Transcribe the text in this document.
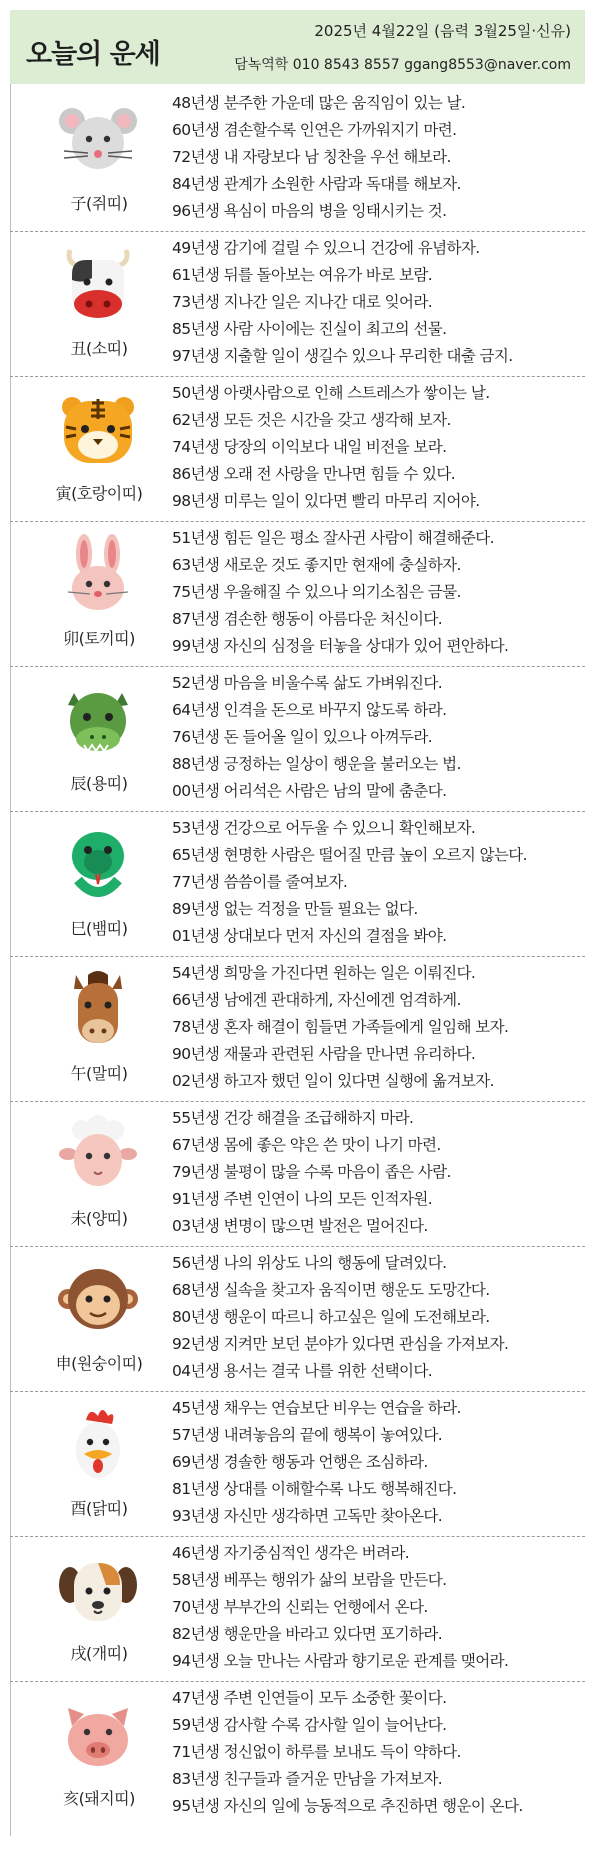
오늘의 운세
2025년 4월22일 (음력 3월25일·신유)
담녹역학 010 8543 8557 ggang8553@naver.com
子(쥐띠)
48년생 분주한 가운데 많은 움직임이 있는 날.
60년생 겸손할수록 인연은 가까워지기 마련.
72년생 내 자랑보다 남 칭찬을 우선 해보라.
84년생 관계가 소원한 사람과 독대를 해보자.
96년생 욕심이 마음의 병을 잉태시키는 것.
丑(소띠)
49년생 감기에 걸릴 수 있으니 건강에 유념하자.
61년생 뒤를 돌아보는 여유가 바로 보람.
73년생 지나간 일은 지나간 대로 잊어라.
85년생 사람 사이에는 진실이 최고의 선물.
97년생 지출할 일이 생길수 있으나 무리한 대출 금지.
寅(호랑이띠)
50년생 아랫사람으로 인해 스트레스가 쌓이는 날.
62년생 모든 것은 시간을 갖고 생각해 보자.
74년생 당장의 이익보다 내일 비전을 보라.
86년생 오래 전 사랑을 만나면 힘들 수 있다.
98년생 미루는 일이 있다면 빨리 마무리 지어야.
卯(토끼띠)
51년생 힘든 일은 평소 잘사귄 사람이 해결해준다.
63년생 새로운 것도 좋지만 현재에 충실하자.
75년생 우울해질 수 있으나 의기소침은 금물.
87년생 겸손한 행동이 아름다운 처신이다.
99년생 자신의 심정을 터놓을 상대가 있어 편안하다.
辰(용띠)
52년생 마음을 비울수록 삶도 가벼워진다.
64년생 인격을 돈으로 바꾸지 않도록 하라.
76년생 돈 들어올 일이 있으나 아껴두라.
88년생 긍정하는 일상이 행운을 불러오는 법.
00년생 어리석은 사람은 남의 말에 춤춘다.
巳(뱀띠)
53년생 건강으로 어두울 수 있으니 확인해보자.
65년생 현명한 사람은 떨어질 만큼 높이 오르지 않는다.
77년생 씀씀이를 줄여보자.
89년생 없는 걱정을 만들 필요는 없다.
01년생 상대보다 먼저 자신의 결점을 봐야.
午(말띠)
54년생 희망을 가진다면 원하는 일은 이뤄진다.
66년생 남에겐 관대하게, 자신에겐 엄격하게.
78년생 혼자 해결이 힘들면 가족들에게 일임해 보자.
90년생 재물과 관련된 사람을 만나면 유리하다.
02년생 하고자 했던 일이 있다면 실행에 옮겨보자.
未(양띠)
55년생 건강 해결을 조급해하지 마라.
67년생 몸에 좋은 약은 쓴 맛이 나기 마련.
79년생 불평이 많을 수록 마음이 좁은 사람.
91년생 주변 인연이 나의 모든 인적자원.
03년생 변명이 많으면 발전은 멀어진다.
申(원숭이띠)
56년생 나의 위상도 나의 행동에 달려있다.
68년생 실속을 찾고자 움직이면 행운도 도망간다.
80년생 행운이 따르니 하고싶은 일에 도전해보라.
92년생 지켜만 보던 분야가 있다면 관심을 가져보자.
04년생 용서는 결국 나를 위한 선택이다.
酉(닭띠)
45년생 채우는 연습보단 비우는 연습을 하라.
57년생 내려놓음의 끝에 행복이 놓여있다.
69년생 경솔한 행동과 언행은 조심하라.
81년생 상대를 이해할수록 나도 행복해진다.
93년생 자신만 생각하면 고독만 찾아온다.
戌(개띠)
46년생 자기중심적인 생각은 버려라.
58년생 베푸는 행위가 삶의 보람을 만든다.
70년생 부부간의 신뢰는 언행에서 온다.
82년생 행운만을 바라고 있다면 포기하라.
94년생 오늘 만나는 사람과 향기로운 관계를 맺어라.
亥(돼지띠)
47년생 주변 인연들이 모두 소중한 꽃이다.
59년생 감사할 수록 감사할 일이 늘어난다.
71년생 정신없이 하루를 보내도 득이 약하다.
83년생 친구들과 즐거운 만남을 가져보자.
95년생 자신의 일에 능동적으로 추진하면 행운이 온다.
